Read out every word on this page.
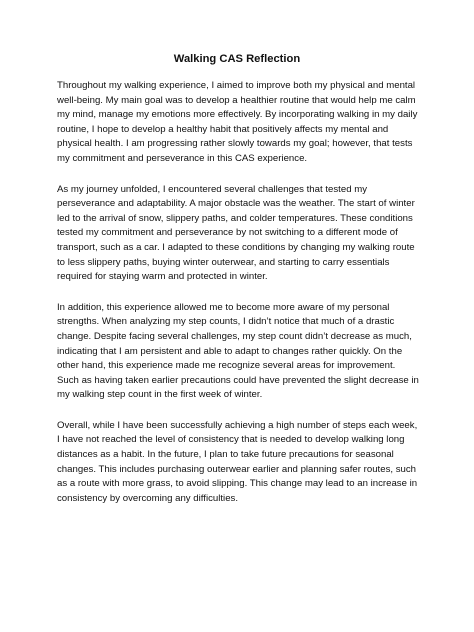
Walking CAS Reflection

Throughout my walking experience, I aimed to improve both my physical and mental well-being. My main goal was to develop a healthier routine that would help me calm my mind, manage my emotions more effectively. By incorporating walking in my daily routine, I hope to develop a healthy habit that positively affects my mental and physical health. I am progressing rather slowly towards my goal; however, that tests my commitment and perseverance in this CAS experience.

As my journey unfolded, I encountered several challenges that tested my perseverance and adaptability. A major obstacle was the weather. The start of winter led to the arrival of snow, slippery paths, and colder temperatures. These conditions tested my commitment and perseverance by not switching to a different mode of transport, such as a car. I adapted to these conditions by changing my walking route to less slippery paths, buying winter outerwear, and starting to carry essentials required for staying warm and protected in winter.

In addition, this experience allowed me to become more aware of my personal strengths. When analyzing my step counts, I didn’t notice that much of a drastic change. Despite facing several challenges, my step count didn’t decrease as much, indicating that I am persistent and able to adapt to changes rather quickly. On the other hand, this experience made me recognize several areas for improvement. Such as having taken earlier precautions could have prevented the slight decrease in my walking step count in the first week of winter.

Overall, while I have been successfully achieving a high number of steps each week, I have not reached the level of consistency that is needed to develop walking long distances as a habit. In the future, I plan to take future precautions for seasonal changes. This includes purchasing outerwear earlier and planning safer routes, such as a route with more grass, to avoid slipping. This change may lead to an increase in consistency by overcoming any difficulties.
